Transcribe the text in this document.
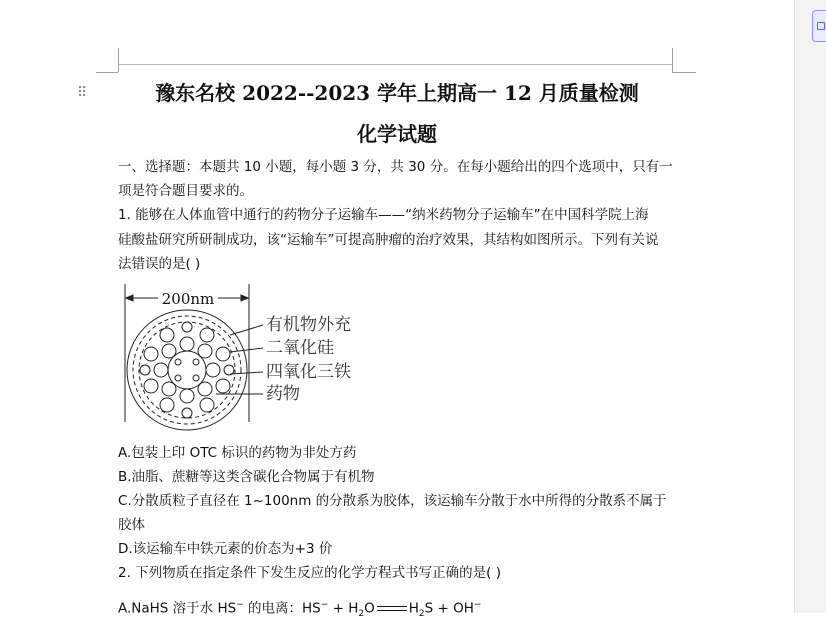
⠿	豫东名校 2022--2023 学年上期高一 12 月质量检测
化学试题
一、选择题：本题共 10 小题，每小题 3 分，共 30 分。在每小题给出的四个选项中，只有一
项是符合题目要求的。
1. 能够在人体血管中通行的药物分子运输车——“纳米药物分子运输车”在中国科学院上海
硅酸盐研究所研制成功，该“运输车”可提高肿瘤的治疗效果，其结构如图所示。下列有关说
法错误的是( )
200nm
有机物外充
二氧化硅
四氧化三铁
药物
A.包装上印 OTC 标识的药物为非处方药
B.油脂、蔗糖等这类含碳化合物属于有机物
C.分散质粒子直径在 1~100nm 的分散系为胶体，该运输车分散于水中所得的分散系不属于
胶体
D.该运输车中铁元素的价态为+3 价
2. 下列物质在指定条件下发生反应的化学方程式书写正确的是( )
A.NaHS 溶于水 HS− 的电离：$HS^- + H_2O$	$H_2S + OH^-$
